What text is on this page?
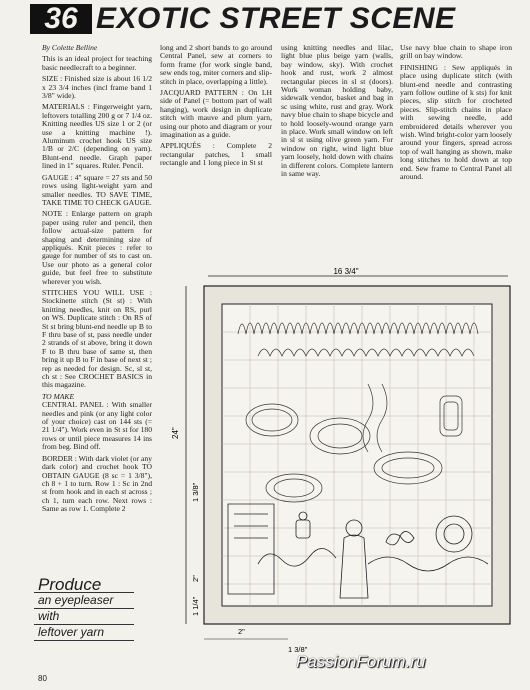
36 EXOTIC STREET SCENE

By Colette Belline

This is an ideal project for teaching basic needlecraft to a beginner.

SIZE : Finished size is about 16 1/2 x 23 3/4 inches (incl frame band 1 3/8" wide).

MATERIALS : Fingerweight yarn, leftovers totalling 200 g or 7 1/4 oz. Knitting needles US size 1 or 2 (or use a knitting machine !). Aluminum crochet hook US size 1/B or 2/C (depending on yarn). Blunt-end needle. Graph paper lined in 1" squares. Ruler. Pencil.

GAUGE : 4" square = 27 sts and 50 rows using light-weight yarn and smaller needles. TO SAVE TIME, TAKE TIME TO CHECK GAUGE.

NOTE : Enlarge pattern on graph paper using ruler and pencil, then follow actual-size pattern for shaping and determining size of appliqués. Knit pieces : refer to gauge for number of sts to cast on. Use our photo as a general color guide, but feel free to substitute wherever you wish.

STITCHES YOU WILL USE : Stockinette stitch (St st) : With knitting needles, knit on RS, purl on WS. Duplicate stitch : On RS of St st bring blunt-end needle up B to F thru base of st, pass needle under 2 strands of st above, bring it down F to B thru base of same st, then bring it up B to F in base of next st ; rep as needed for design. Sc, sl st, ch st : See CROCHET BASICS in this magazine.

TO MAKE

CENTRAL PANEL : With smaller needles and pink (or any light color of your choice) cast on 144 sts (= 21 1/4"). Work even in St st for 180 rows or until piece measures 14 ins from beg. Bind off.

BORDER : With dark violet (or any dark color) and crochet hook TO OBTAIN GAUGE (8 sc = 1 3/8"), ch 8 + 1 to turn. Row 1 : Sc in 2nd st from hook and in each st across ; ch 1, turn each row. Next rows : Same as row 1. Complete 2

long and 2 short bands to go around Central Panel, sew at corners to form frame (for work single band, sew ends tog, miter corners and slip-stitch in place, overlapping a little).

JACQUARD PATTERN : On LH side of Panel (= bottom part of wall hanging), work design in duplicate stitch with mauve and plum yarn, using our photo and diagram or your imagination as a guide.

APPLIQUÉS : Complete 2 rectangular patches, 1 small rectangle and 1 long piece in St st

using knitting needles and lilac, light blue plus beige yarn (walls, bay window, sky). With crochet hook and rust, work 2 almost rectangular pieces in sl st (doors). Work woman holding baby, sidewalk vendor, basket and bag in sc using white, rust and gray. Work navy blue chain to shape bicycle and to hold loosely-wound orange yarn in place. Work small window on left in sl st using olive green yarn. For window on right, wind light blue yarn loosely, hold down with chains in different colors. Complete lantern in same way.

Use navy blue chain to shape iron grill on bay window.

FINISHING : Sew appliqués in place using duplicate stitch (with blunt-end needle and contrasting yarn follow outline of k sts) for knit pieces, slip stitch for crocheted pieces. Slip-stitch chains in place with sewing needle, add embroidered details wherever you wish. Wind bright-color yarn loosely around your fingers, spread across top of wall hanging as shown, make long stitches to hold down at top end. Sew frame to Central Panel all around.

Produce
an eyepleaser
with
leftover yarn
16 3/4"
24"
1 3/8"
2"
1 1/4"
2"
1 3/8"
80
PassionForum.ru
